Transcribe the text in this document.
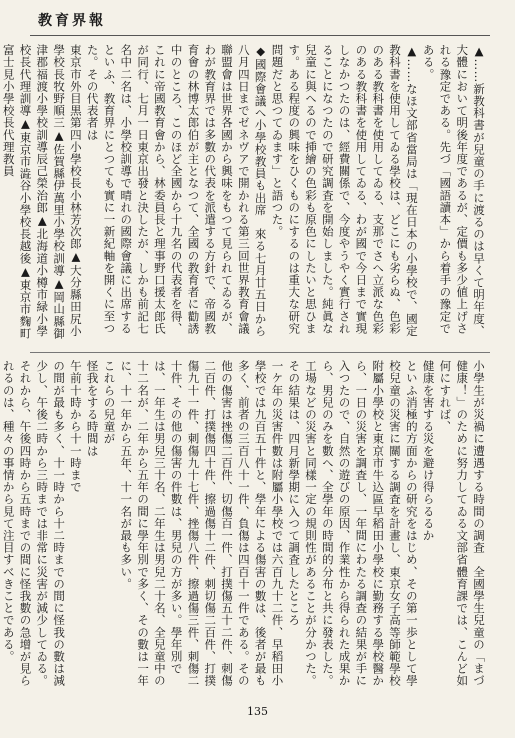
教育界報
▲……新教科書が兒童の手に渡るのは早くて明年度、大體において明後年度であるが、定價も多少値上げされる豫定である。先づ「國語讀本」から着手の豫定である。
▲……なほ文部省當局は「現在日本の小學校で、國定教科書を使用してゐる學校は、どこにも劣らぬ、色彩のある教科書を使用してゐる、支那でさへ立派な色彩のある教科書を使用してゐる、わが國で今日まで實現しなかつたのは、經費關係で、今度やうやく實行されることになつたので研究調査を開始しました。純眞な兒童に與へるので挿繪の色彩も原色にしたいと思ひます。ある程度の興味をひくものにするのは重大な研究問題だと思つてゐます」と語つた。
◆國際會議へ小學校教員も出席　來る七月廿五日から八月四日までゼネヴアで開かれる第三回世界教育會議聯盟會は世界各國から興味をもつて見られてゐるが、わが教育界では多數の代表を派遣する方針で、帝國教育會の林博太郎伯が主となつて、全國の教育者に勸誘中のところ、このほど全國から十九名の代表者を得、これに帝國教育會から、林委員長と理事野口援太郎氏が同行、七月一日東京出發と決したが、しかも前記七名中二名は、小學校訓導で晴れの國際會議に出席するといふ、教育界にとつても實に一新紀軸を開くに至つた。その代表者は
東京市外目黒第四小學校長小林芳次郎▲大分縣田尻小學校長牧野順三▲佐賀縣伊萬里小學校訓導▲岡山縣御津郡福渡小學校訓導辰己榮治郎▲北海道小樽市緑小學校長代理訓導▲東京市澁谷小學校長越後▲東京市麴町富士見小學校長代理教員
小學生が災禍に遭遇する時間の調査　全國學生兒童の「まづ健康！」のために努力してゐる文部省體育課では、こんど如何にすれば、
健康を害する災を避け得らるるか
といふ消極的方面からの研究をはじめ、その第一歩として學校兒童の災害に關する調査を計畫し、東京女子高等師範學校附屬小學校と東京市牛込區早稻田小學校に勤務する學校醫から、一日の災害を調査し、一年間にわたる調査の結果が手に入つたので、自然の遊びの原因、作業性から得られた成果から、男兒のみを數へ、全學年の時間的分布と共に發表した。
工場などの災害と同樣一定の規則性があることが分かつた。その結果は、四月新學期に入つて調査したところ
一ケ年の災害件數は附屬小學校では六百九十二件、早稻田小學校では九百五十件と、學年による傷害の數は、後者が最も多く、前者の三百八十一件、負傷は四百十一件である。その他の傷害は挫傷二百件、切傷百一件、打撲傷五十二件、刺傷二百件、打撲傷四十件、擦過傷十二件、刺切傷二百件、打撲傷九十一件、刺傷九十七件、挫傷八件、擦過傷三件、刺傷二十件、その他の傷害の件數は、男兒の方が多い。學年別では、一年生は男兒三十名、二年生は男兒二十名、全兒童中の十二名が、二年から五年の間に學年別で多く、その數は一年に、十一年から五年、十一名が最も多い。
これらの兒童が
怪我をする時間は
午前十時から十一時まで
の間が最も多く、十一時から十二時までの間に怪我の數は減少し、午後二時から三時までは非常に災害が減少してゐる。それから、午後四時から五時までの間に怪我數の急增が見られるのは、種々の事情から見て注目すべきことである。
135
